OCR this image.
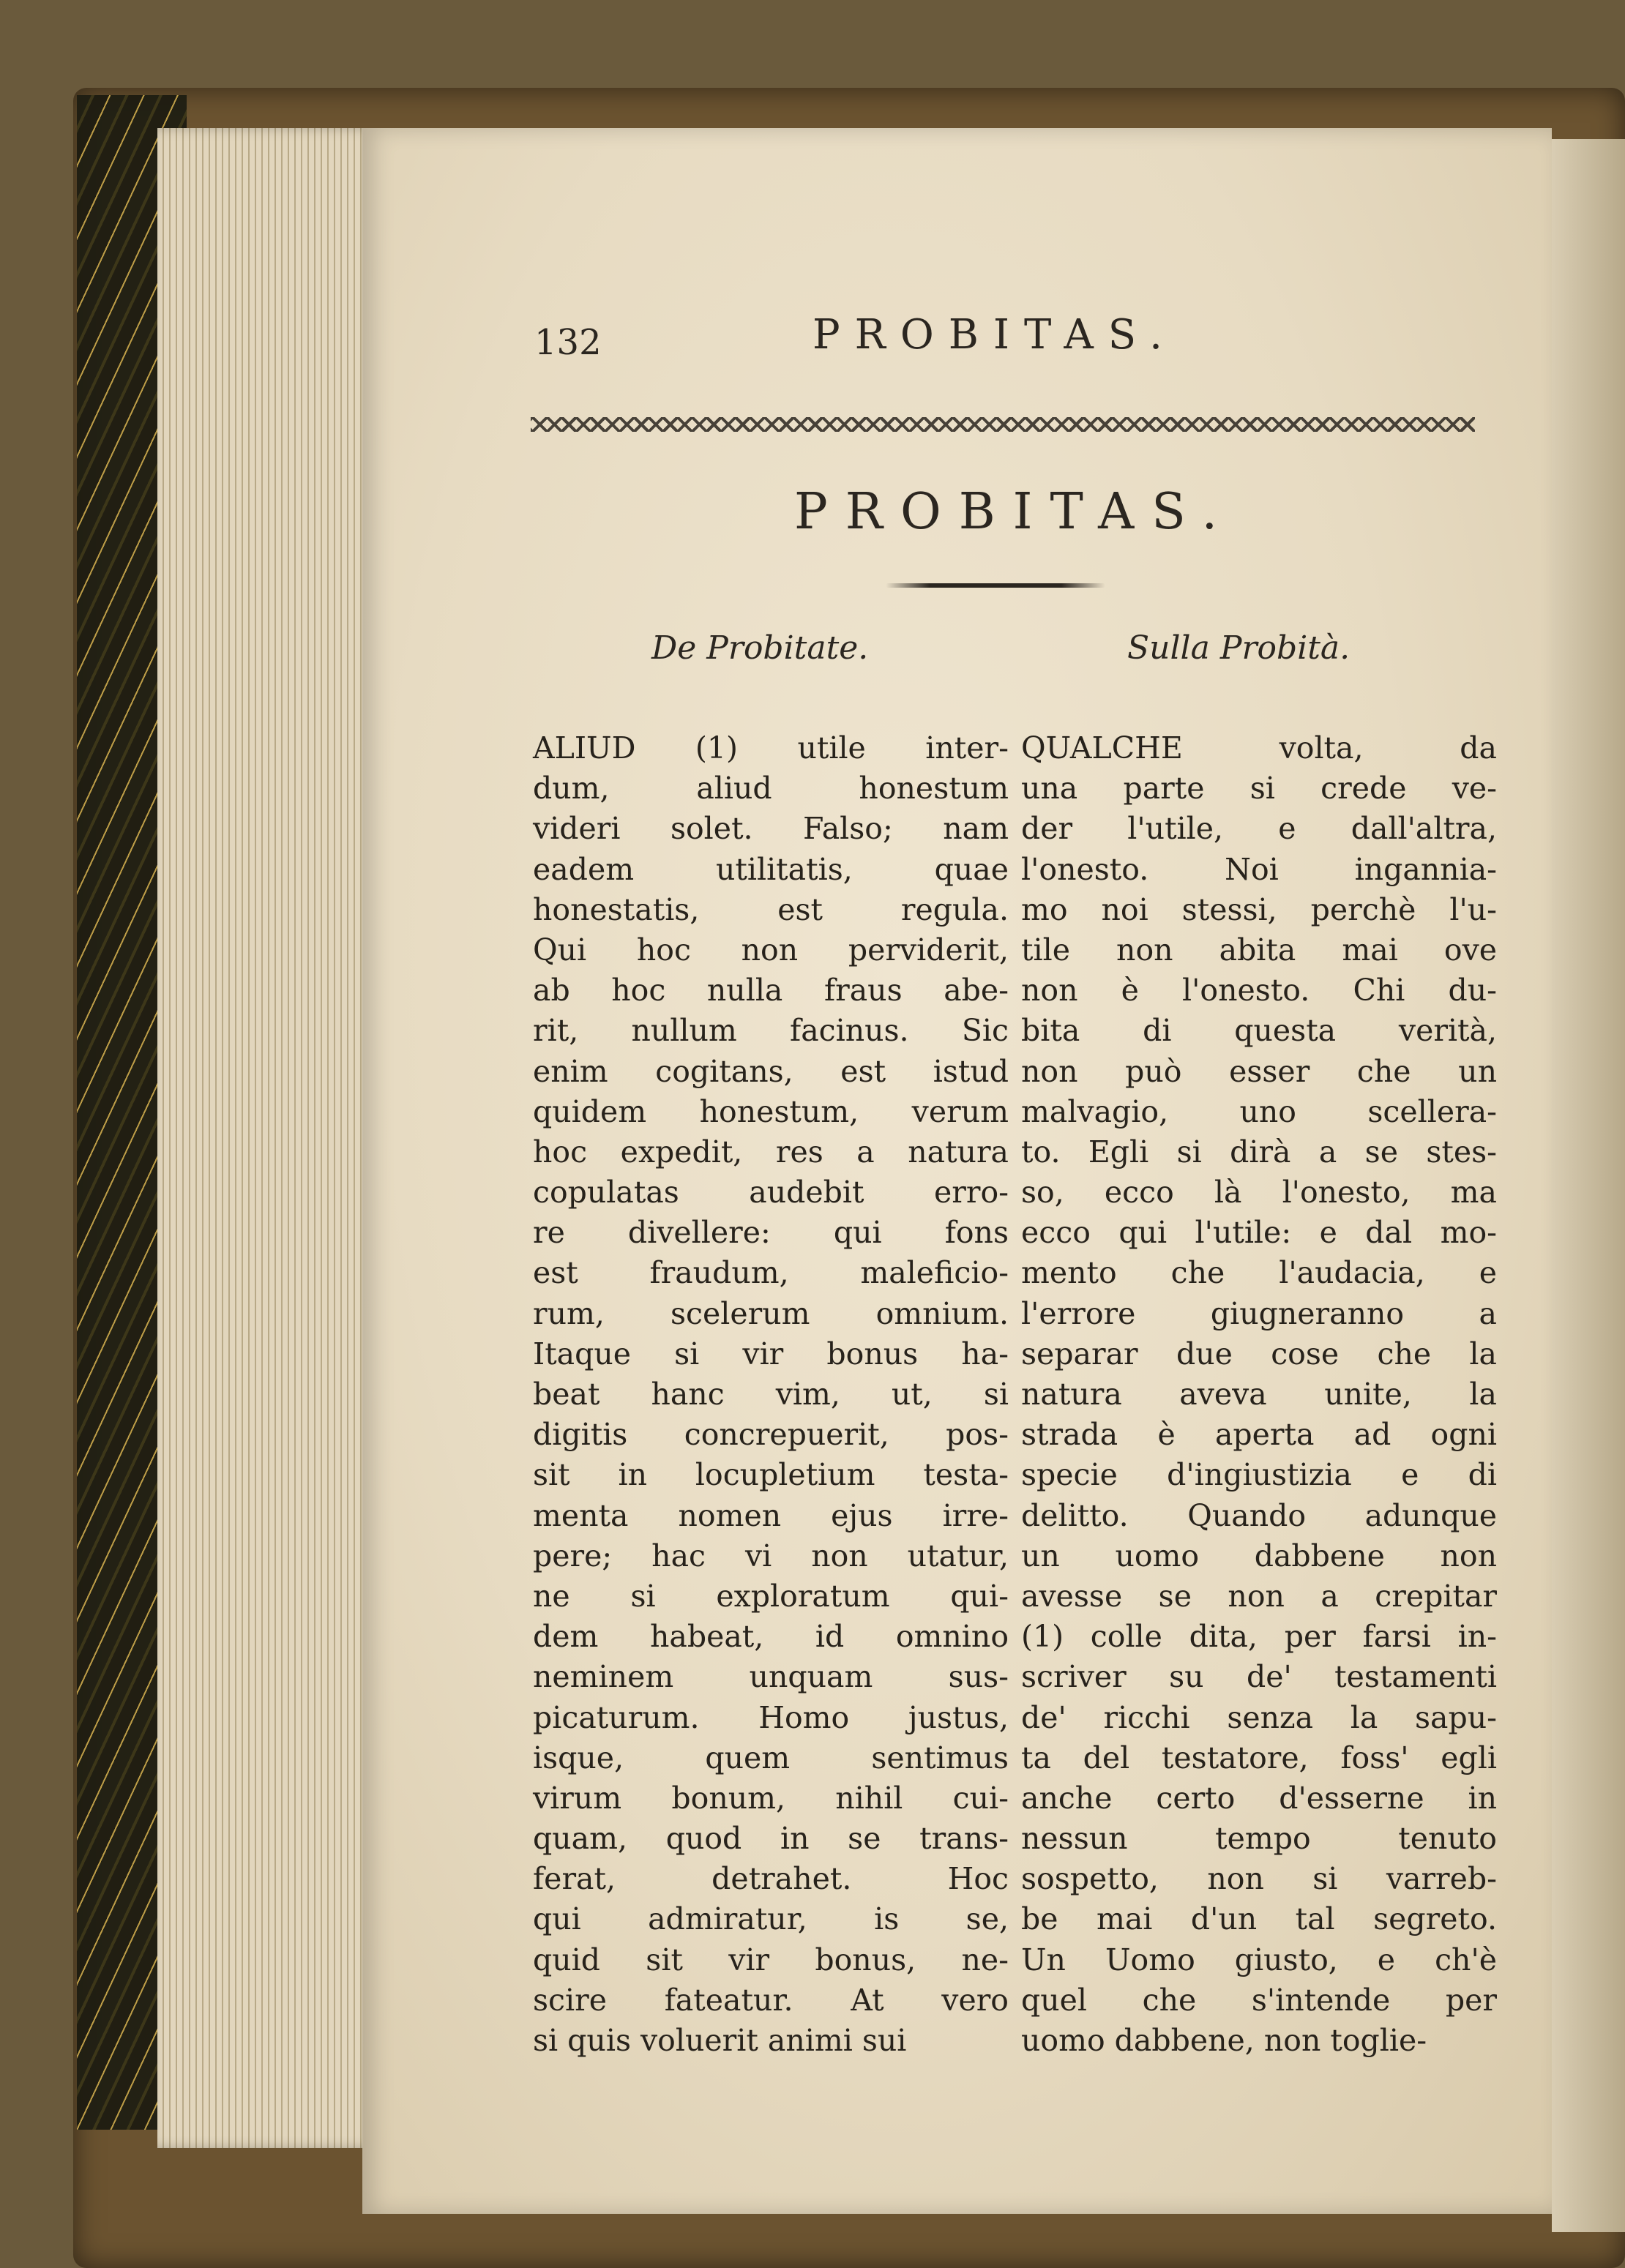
132	PROBITAS.
PROBITAS.
De Probitate.	Sulla Probità.
ALIUD (1) utile inter-
dum, aliud honestum
videri solet. Falso; nam
eadem utilitatis, quae
honestatis, est regula.
Qui hoc non perviderit,
ab hoc nulla fraus abe-
rit, nullum facinus. Sic
enim cogitans, est istud
quidem honestum, verum
hoc expedit, res a natura
copulatas audebit erro-
re divellere: qui fons
est fraudum, maleficio-
rum, scelerum omnium.
Itaque si vir bonus ha-
beat hanc vim, ut, si
digitis concrepuerit, pos-
sit in locupletium testa-
menta nomen ejus irre-
pere; hac vi non utatur,
ne si exploratum qui-
dem habeat, id omnino
neminem unquam sus-
picaturum. Homo justus,
isque, quem sentimus
virum bonum, nihil cui-
quam, quod in se trans-
ferat, detrahet. Hoc
qui admiratur, is se,
quid sit vir bonus, ne-
scire fateatur. At vero
si quis voluerit animi sui
QUALCHE volta, da
una parte si crede ve-
der l'utile, e dall'altra,
l'onesto. Noi ingannia-
mo noi stessi, perchè l'u-
tile non abita mai ove
non è l'onesto. Chi du-
bita di questa verità,
non può esser che un
malvagio, uno scellera-
to. Egli si dirà a se stes-
so, ecco là l'onesto, ma
ecco qui l'utile: e dal mo-
mento che l'audacia, e
l'errore giugneranno a
separar due cose che la
natura aveva unite, la
strada è aperta ad ogni
specie d'ingiustizia e di
delitto. Quando adunque
un uomo dabbene non
avesse se non a crepitar
(1) colle dita, per farsi in-
scriver su de' testamenti
de' ricchi senza la sapu-
ta del testatore, foss' egli
anche certo d'esserne in
nessun tempo tenuto
sospetto, non si varreb-
be mai d'un tal segreto.
Un Uomo giusto, e ch'è
quel che s'intende per
uomo dabbene, non toglie-
